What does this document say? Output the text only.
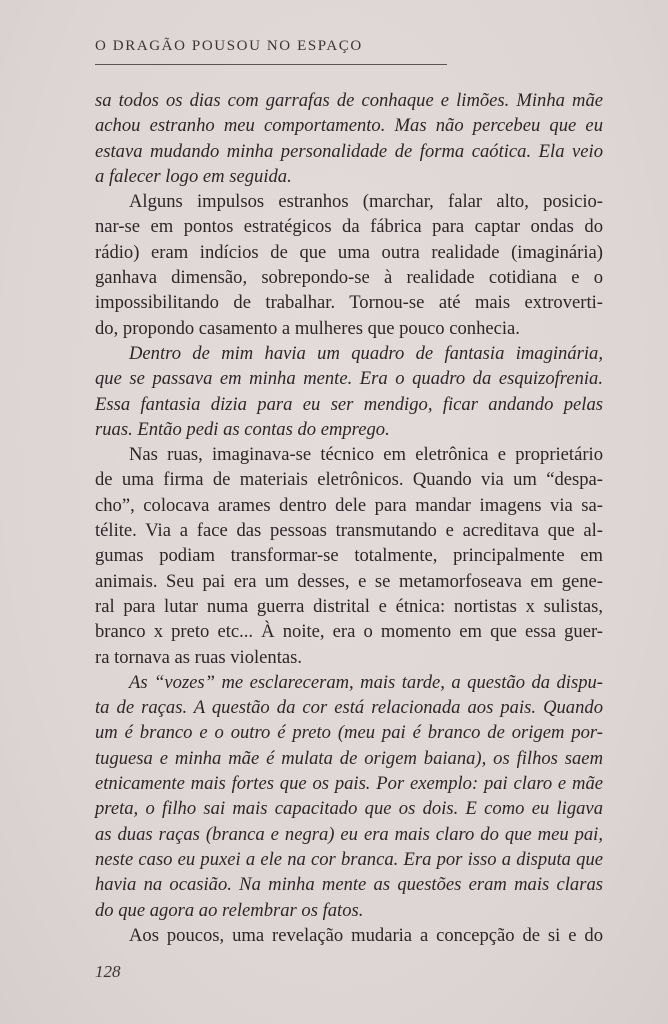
O DRAGÃO POUSOU NO ESPAÇO
sa todos os dias com garrafas de conhaque e limões. Minha mãe
achou estranho meu comportamento. Mas não percebeu que eu
estava mudando minha personalidade de forma caótica. Ela veio
a falecer logo em seguida.
Alguns impulsos estranhos (marchar, falar alto, posicio-
nar-se em pontos estratégicos da fábrica para captar ondas do
rádio) eram indícios de que uma outra realidade (imaginária)
ganhava dimensão, sobrepondo-se à realidade cotidiana e o
impossibilitando de trabalhar. Tornou-se até mais extroverti-
do, propondo casamento a mulheres que pouco conhecia.
Dentro de mim havia um quadro de fantasia imaginária,
que se passava em minha mente. Era o quadro da esquizofrenia.
Essa fantasia dizia para eu ser mendigo, ficar andando pelas
ruas. Então pedi as contas do emprego.
Nas ruas, imaginava-se técnico em eletrônica e proprietário
de uma firma de materiais eletrônicos. Quando via um “despa-
cho”, colocava arames dentro dele para mandar imagens via sa-
télite. Via a face das pessoas transmutando e acreditava que al-
gumas podiam transformar-se totalmente, principalmente em
animais. Seu pai era um desses, e se metamorfoseava em gene-
ral para lutar numa guerra distrital e étnica: nortistas x sulistas,
branco x preto etc... À noite, era o momento em que essa guer-
ra tornava as ruas violentas.
As “vozes” me esclareceram, mais tarde, a questão da dispu-
ta de raças. A questão da cor está relacionada aos pais. Quando
um é branco e o outro é preto (meu pai é branco de origem por-
tuguesa e minha mãe é mulata de origem baiana), os filhos saem
etnicamente mais fortes que os pais. Por exemplo: pai claro e mãe
preta, o filho sai mais capacitado que os dois. E como eu ligava
as duas raças (branca e negra) eu era mais claro do que meu pai,
neste caso eu puxei a ele na cor branca. Era por isso a disputa que
havia na ocasião. Na minha mente as questões eram mais claras
do que agora ao relembrar os fatos.
Aos poucos, uma revelação mudaria a concepção de si e do
128
